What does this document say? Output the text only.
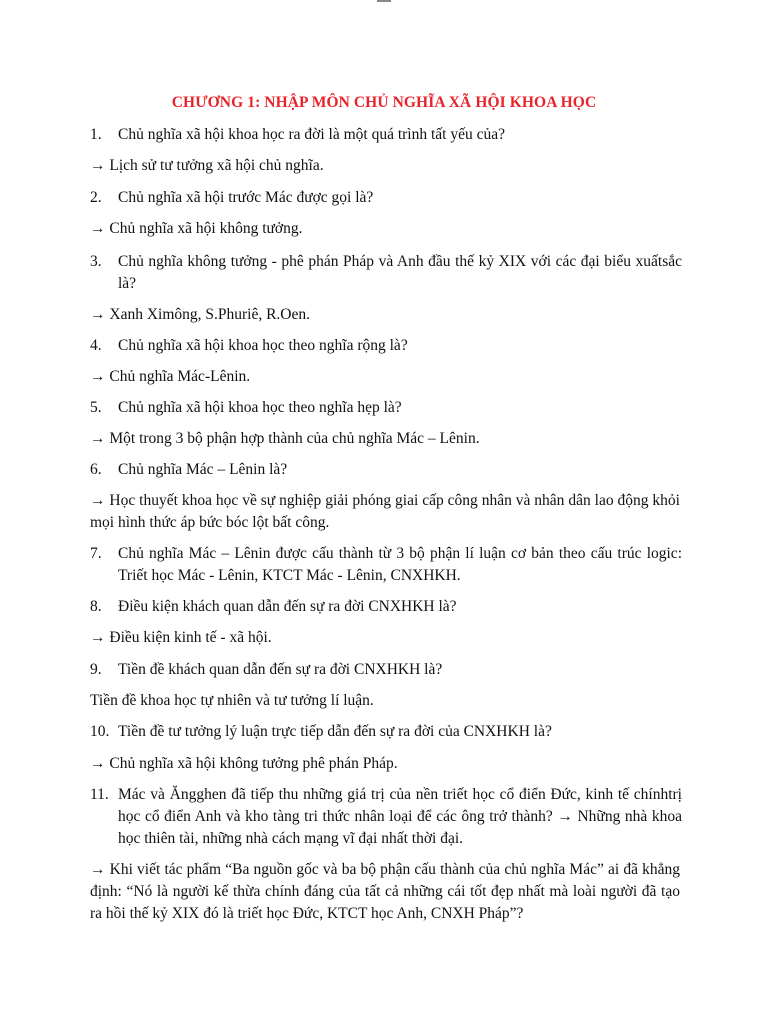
CHƯƠNG 1: NHẬP MÔN CHỦ NGHĨA XÃ HỘI KHOA HỌC
1. Chủ nghĩa xã hội khoa học ra đời là một quá trình tất yếu của?
→ Lịch sử tư tưởng xã hội chủ nghĩa.
2. Chủ nghĩa xã hội trước Mác được gọi là?
→ Chủ nghĩa xã hội không tưởng.
3. Chủ nghĩa không tưởng - phê phán Pháp và Anh đầu thế kỷ XIX với các đại biểu xuấtsắc là?
→ Xanh Ximông, S.Phuriê, R.Oen.
4. Chủ nghĩa xã hội khoa học theo nghĩa rộng là?
→ Chủ nghĩa Mác-Lênin.
5. Chủ nghĩa xã hội khoa học theo nghĩa hẹp là?
→ Một trong 3 bộ phận hợp thành của chủ nghĩa Mác – Lênin.
6. Chủ nghĩa Mác – Lênin là?
→ Học thuyết khoa học về sự nghiệp giải phóng giai cấp công nhân và nhân dân lao động khỏi mọi hình thức áp bức bóc lột bất công.
7. Chủ nghĩa Mác – Lênin được cấu thành từ 3 bộ phận lí luận cơ bản theo cấu trúc logic: Triết học Mác - Lênin, KTCT Mác - Lênin, CNXHKH.
8. Điều kiện khách quan dẫn đến sự ra đời CNXHKH là?
→ Điều kiện kinh tế - xã hội.
9. Tiền đề khách quan dẫn đến sự ra đời CNXHKH là?
Tiền đề khoa học tự nhiên và tư tưởng lí luận.
10. Tiền đề tư tưởng lý luận trực tiếp dẫn đến sự ra đời của CNXHKH là?
→ Chủ nghĩa xã hội không tưởng phê phán Pháp.
11. Mác và Ăngghen đã tiếp thu những giá trị của nền triết học cổ điển Đức, kinh tế chínhtrị học cổ điển Anh và kho tàng tri thức nhân loại để các ông trở thành? → Những nhà khoa học thiên tài, những nhà cách mạng vĩ đại nhất thời đại.
→ Khi viết tác phẩm “Ba nguồn gốc và ba bộ phận cấu thành của chủ nghĩa Mác” ai đã khẳng định: “Nó là người kế thừa chính đáng của tất cả những cái tốt đẹp nhất mà loài người đã tạo ra hồi thế kỷ XIX đó là triết học Đức, KTCT học Anh, CNXH Pháp”?
